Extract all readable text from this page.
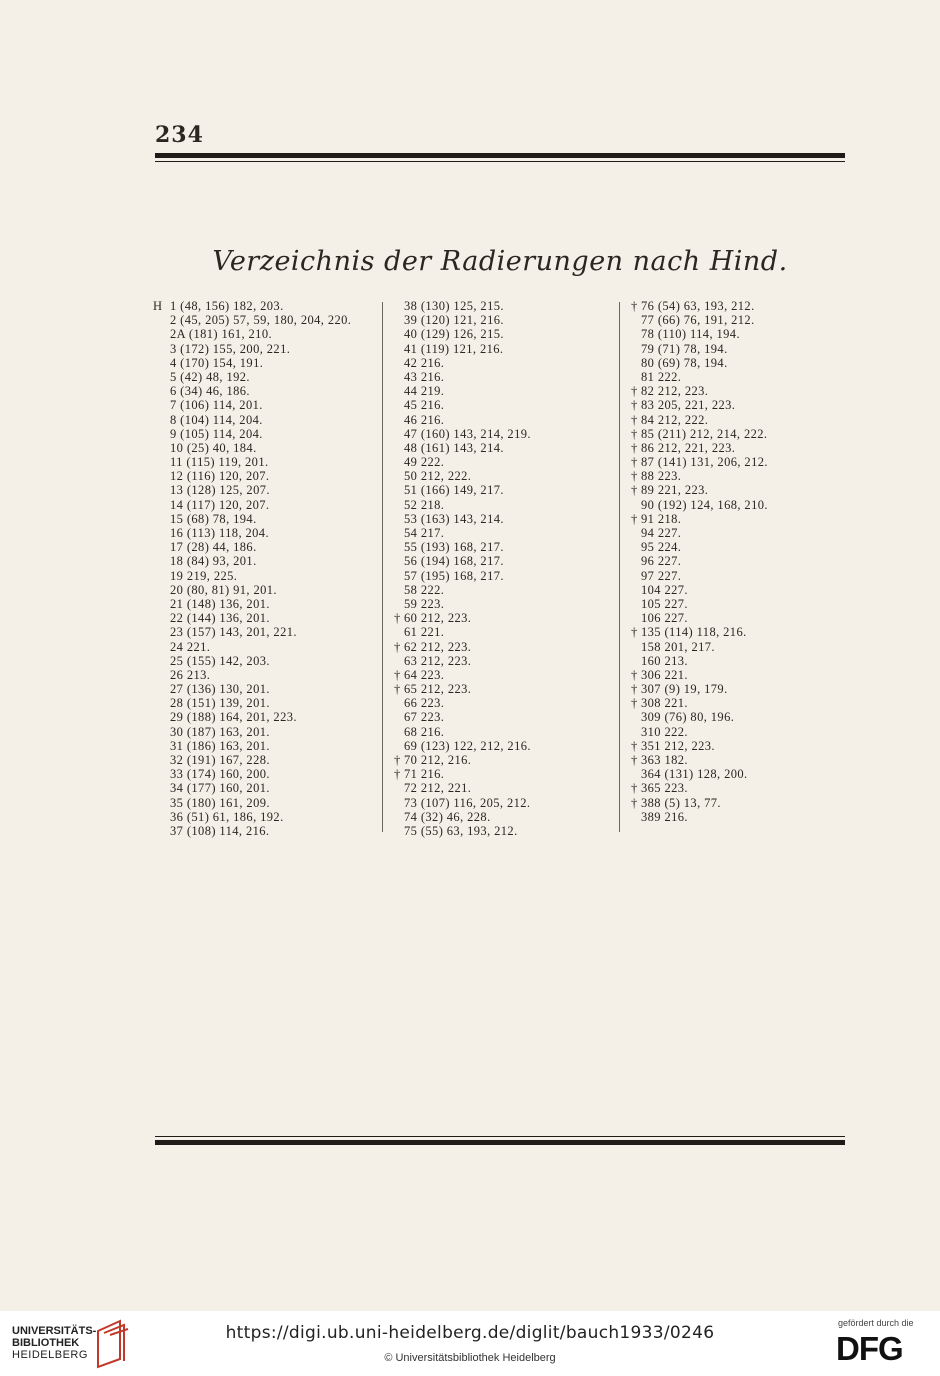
234
Verzeichnis der Radierungen nach Hind.
H 1 (48, 156) 182, 203.
2 (45, 205) 57, 59, 180, 204, 220.
2A (181) 161, 210.
3 (172) 155, 200, 221.
4 (170) 154, 191.
5 (42) 48, 192.
6 (34) 46, 186.
7 (106) 114, 201.
8 (104) 114, 204.
9 (105) 114, 204.
10 (25) 40, 184.
11 (115) 119, 201.
12 (116) 120, 207.
13 (128) 125, 207.
14 (117) 120, 207.
15 (68) 78, 194.
16 (113) 118, 204.
17 (28) 44, 186.
18 (84) 93, 201.
19 219, 225.
20 (80, 81) 91, 201.
21 (148) 136, 201.
22 (144) 136, 201.
23 (157) 143, 201, 221.
24 221.
25 (155) 142, 203.
26 213.
27 (136) 130, 201.
28 (151) 139, 201.
29 (188) 164, 201, 223.
30 (187) 163, 201.
31 (186) 163, 201.
32 (191) 167, 228.
33 (174) 160, 200.
34 (177) 160, 201.
35 (180) 161, 209.
36 (51) 61, 186, 192.
37 (108) 114, 216.
38 (130) 125, 215.
39 (120) 121, 216.
40 (129) 126, 215.
41 (119) 121, 216.
42 216.
43 216.
44 219.
45 216.
46 216.
47 (160) 143, 214, 219.
48 (161) 143, 214.
49 222.
50 212, 222.
51 (166) 149, 217.
52 218.
53 (163) 143, 214.
54 217.
55 (193) 168, 217.
56 (194) 168, 217.
57 (195) 168, 217.
58 222.
59 223.
† 60 212, 223.
61 221.
† 62 212, 223.
63 212, 223.
† 64 223.
† 65 212, 223.
66 223.
67 223.
68 216.
69 (123) 122, 212, 216.
† 70 212, 216.
† 71 216.
72 212, 221.
73 (107) 116, 205, 212.
74 (32) 46, 228.
75 (55) 63, 193, 212.
† 76 (54) 63, 193, 212.
77 (66) 76, 191, 212.
78 (110) 114, 194.
79 (71) 78, 194.
80 (69) 78, 194.
81 222.
† 82 212, 223.
† 83 205, 221, 223.
† 84 212, 222.
† 85 (211) 212, 214, 222.
† 86 212, 221, 223.
† 87 (141) 131, 206, 212.
† 88 223.
† 89 221, 223.
90 (192) 124, 168, 210.
† 91 218.
94 227.
95 224.
96 227.
97 227.
104 227.
105 227.
106 227.
† 135 (114) 118, 216.
158 201, 217.
160 213.
† 306 221.
† 307 (9) 19, 179.
† 308 221.
309 (76) 80, 196.
310 222.
† 351 212, 223.
† 363 182.
364 (131) 128, 200.
† 365 223.
† 388 (5) 13, 77.
389 216.
UNIVERSITÄTS-
BIBLIOTHEK
HEIDELBERG
https://digi.ub.uni-heidelberg.de/diglit/bauch1933/0246
© Universitätsbibliothek Heidelberg
gefördert durch die
DFG
